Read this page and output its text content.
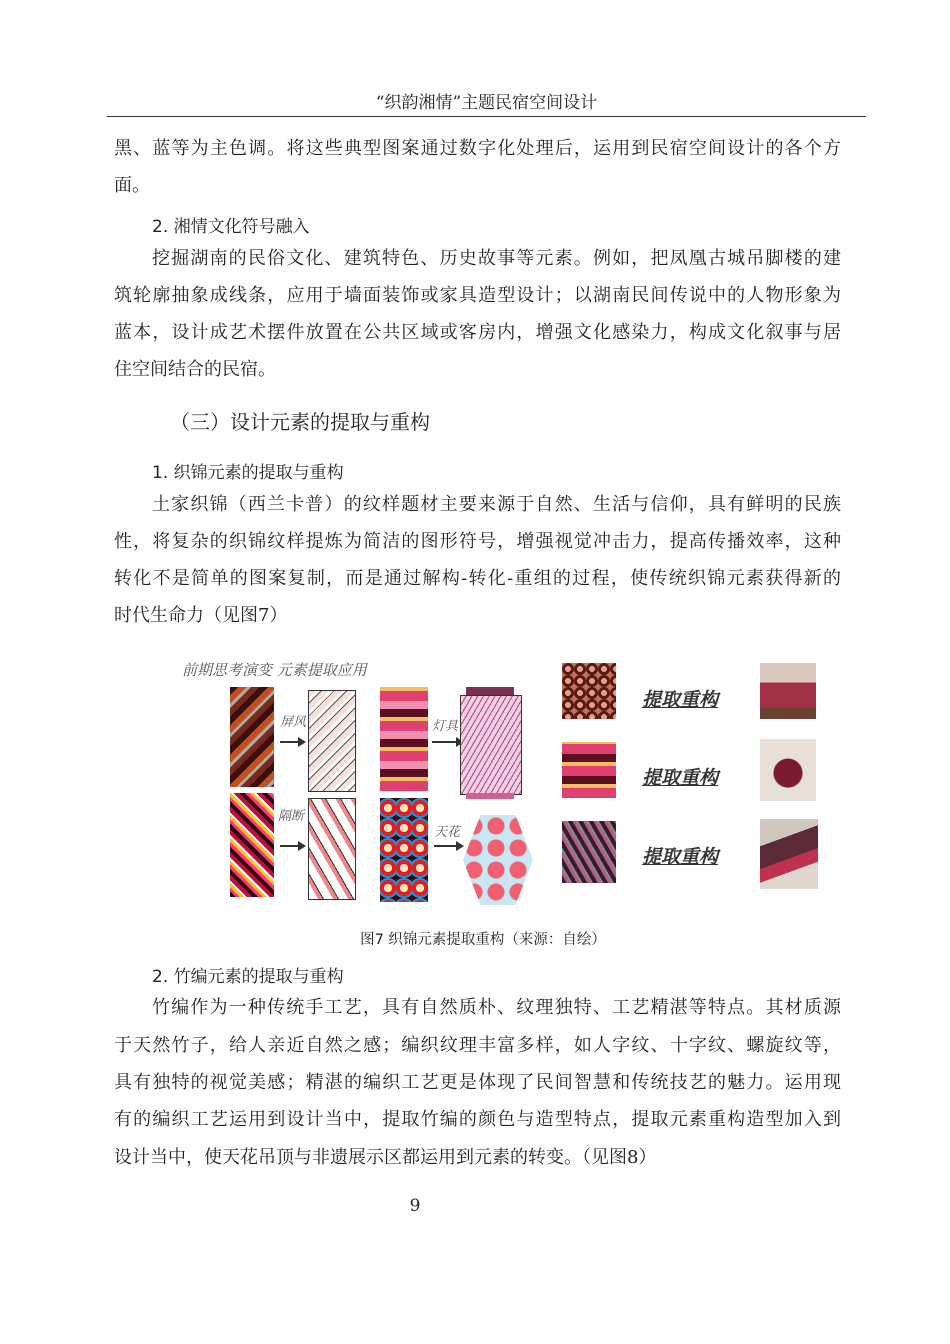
“织韵湘情”主题民宿空间设计
黑、蓝等为主色调。将这些典型图案通过数字化处理后，运用到民宿空间设计的各个方
面。
2. 湘情文化符号融入
挖掘湖南的民俗文化、建筑特色、历史故事等元素。例如，把凤凰古城吊脚楼的建
筑轮廓抽象成线条，应用于墙面装饰或家具造型设计；以湖南民间传说中的人物形象为
蓝本，设计成艺术摆件放置在公共区域或客房内，增强文化感染力，构成文化叙事与居
住空间结合的民宿。
（三）设计元素的提取与重构
1. 织锦元素的提取与重构
土家织锦（西兰卡普）的纹样题材主要来源于自然、生活与信仰，具有鲜明的民族
性，将复杂的织锦纹样提炼为简洁的图形符号，增强视觉冲击力，提高传播效率，这种
转化不是简单的图案复制，而是通过解构-转化-重组的过程，使传统织锦元素获得新的
时代生命力（见图7）
前期思考演变 元素提取应用
屏风
隔断
灯具
天花
提取重构
提取重构
提取重构
图7 织锦元素提取重构（来源：自绘）
2. 竹编元素的提取与重构
竹编作为一种传统手工艺，具有自然质朴、纹理独特、工艺精湛等特点。其材质源
于天然竹子，给人亲近自然之感；编织纹理丰富多样，如人字纹、十字纹、螺旋纹等，
具有独特的视觉美感；精湛的编织工艺更是体现了民间智慧和传统技艺的魅力。运用现
有的编织工艺运用到设计当中，提取竹编的颜色与造型特点，提取元素重构造型加入到
设计当中，使天花吊顶与非遗展示区都运用到元素的转变。（见图8）
9
